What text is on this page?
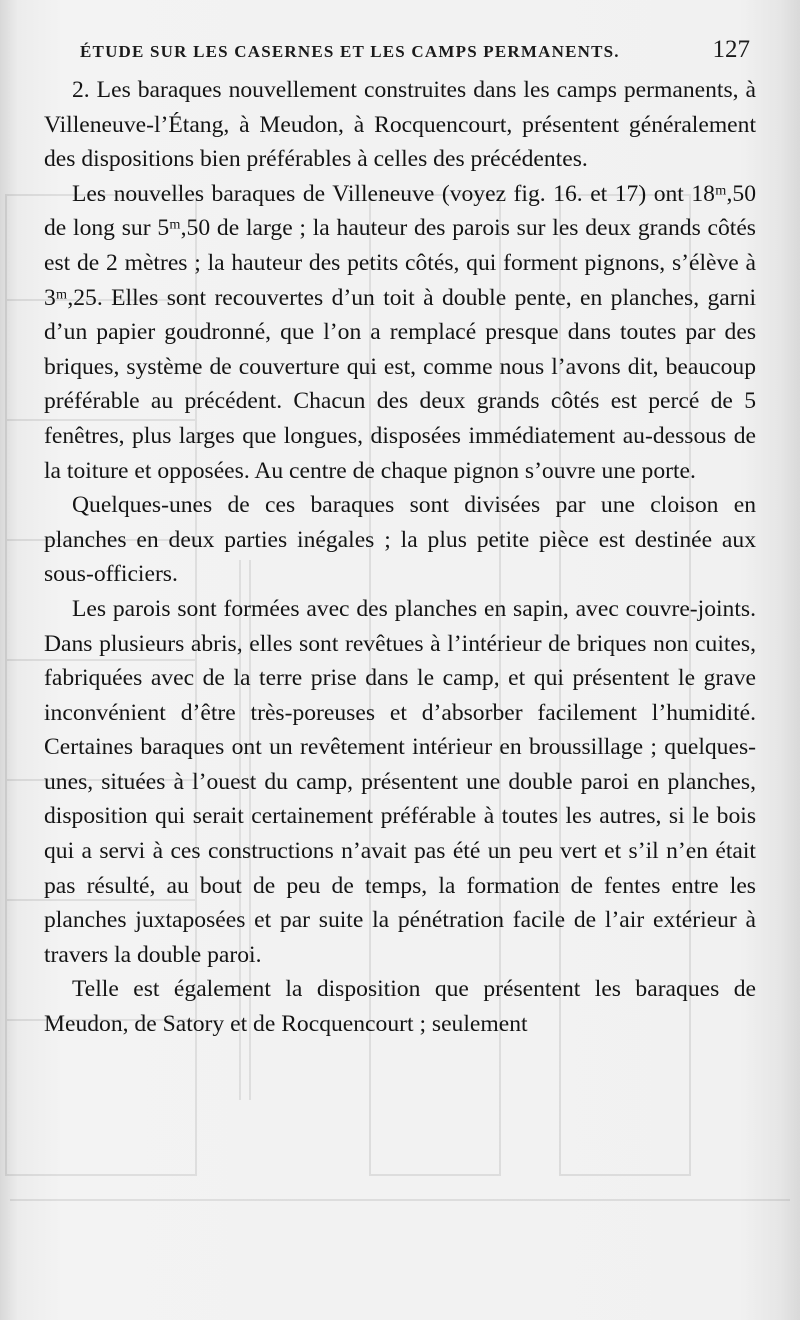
ÉTUDE SUR LES CASERNES ET LES CAMPS PERMANENTS.	127

2. Les baraques nouvellement construites dans les camps permanents, à Villeneuve-l’Étang, à Meudon, à Rocquencourt, présentent généralement des dispositions bien préférables à celles des précédentes.

Les nouvelles baraques de Villeneuve (voyez fig. 16. et 17) ont 18ᵐ,50 de long sur 5ᵐ,50 de large ; la hauteur des parois sur les deux grands côtés est de 2 mètres ; la hauteur des petits côtés, qui forment pignons, s’élève à 3ᵐ,25. Elles sont recouvertes d’un toit à double pente, en planches, garni d’un papier goudronné, que l’on a remplacé presque dans toutes par des briques, système de couverture qui est, comme nous l’avons dit, beaucoup préférable au précédent. Chacun des deux grands côtés est percé de 5 fenêtres, plus larges que longues, disposées immédiatement au-dessous de la toiture et opposées. Au centre de chaque pignon s’ouvre une porte.

Quelques-unes de ces baraques sont divisées par une cloison en planches en deux parties inégales ; la plus petite pièce est destinée aux sous-officiers.

Les parois sont formées avec des planches en sapin, avec couvre-joints. Dans plusieurs abris, elles sont revêtues à l’intérieur de briques non cuites, fabriquées avec de la terre prise dans le camp, et qui présentent le grave inconvénient d’être très-poreuses et d’absorber facilement l’humidité. Certaines baraques ont un revêtement intérieur en broussillage ; quelques-unes, situées à l’ouest du camp, présentent une double paroi en planches, disposition qui serait certainement préférable à toutes les autres, si le bois qui a servi à ces constructions n’avait pas été un peu vert et s’il n’en était pas résulté, au bout de peu de temps, la formation de fentes entre les planches juxtaposées et par suite la pénétration facile de l’air extérieur à travers la double paroi.

Telle est également la disposition que présentent les baraques de Meudon, de Satory et de Rocquencourt ; seulement
